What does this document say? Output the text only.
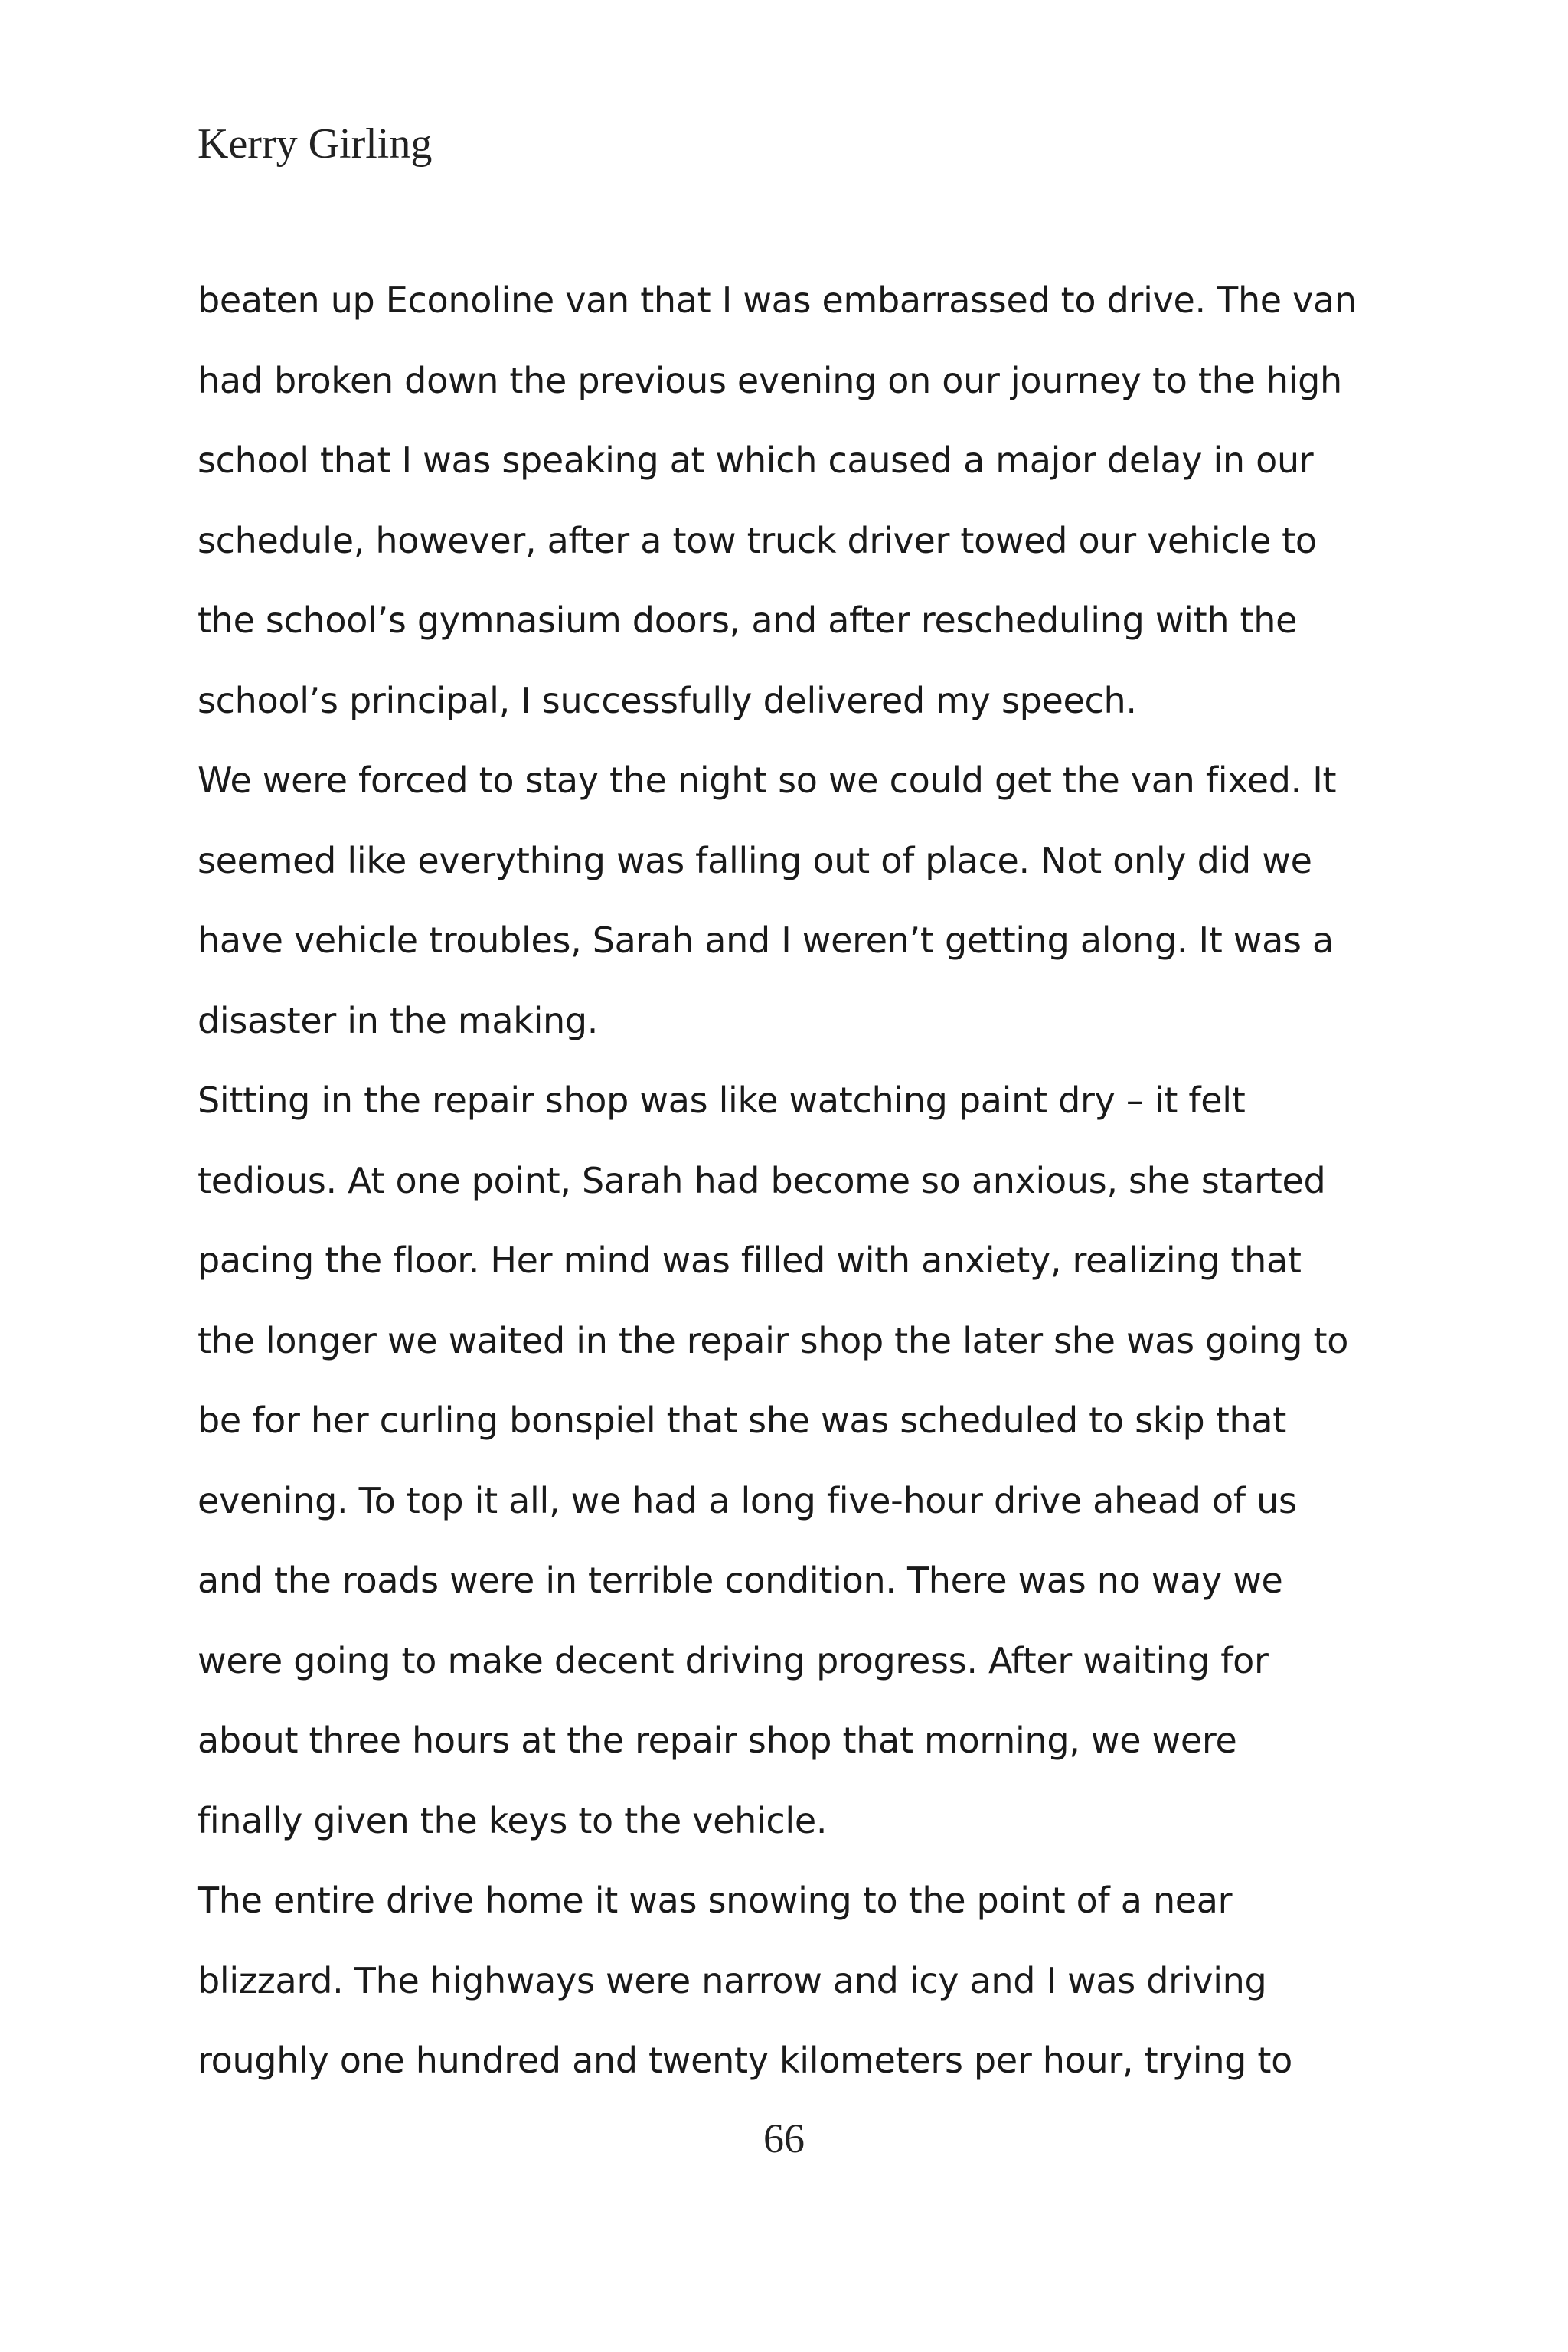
Kerry Girling
beaten up Econoline van that I was embarrassed to drive. The van
had broken down the previous evening on our journey to the high
school that I was speaking at which caused a major delay in our
schedule, however, after a tow truck driver towed our vehicle to
the school’s gymnasium doors, and after rescheduling with the
school’s principal, I successfully delivered my speech.
We were forced to stay the night so we could get the van fixed. It
seemed like everything was falling out of place. Not only did we
have vehicle troubles, Sarah and I weren’t getting along. It was a
disaster in the making.
Sitting in the repair shop was like watching paint dry – it felt
tedious. At one point, Sarah had become so anxious, she started
pacing the floor. Her mind was filled with anxiety, realizing that
the longer we waited in the repair shop the later she was going to
be for her curling bonspiel that she was scheduled to skip that
evening. To top it all, we had a long five-hour drive ahead of us
and the roads were in terrible condition. There was no way we
were going to make decent driving progress. After waiting for
about three hours at the repair shop that morning, we were
finally given the keys to the vehicle.
The entire drive home it was snowing to the point of a near
blizzard. The highways were narrow and icy and I was driving
roughly one hundred and twenty kilometers per hour, trying to
66
